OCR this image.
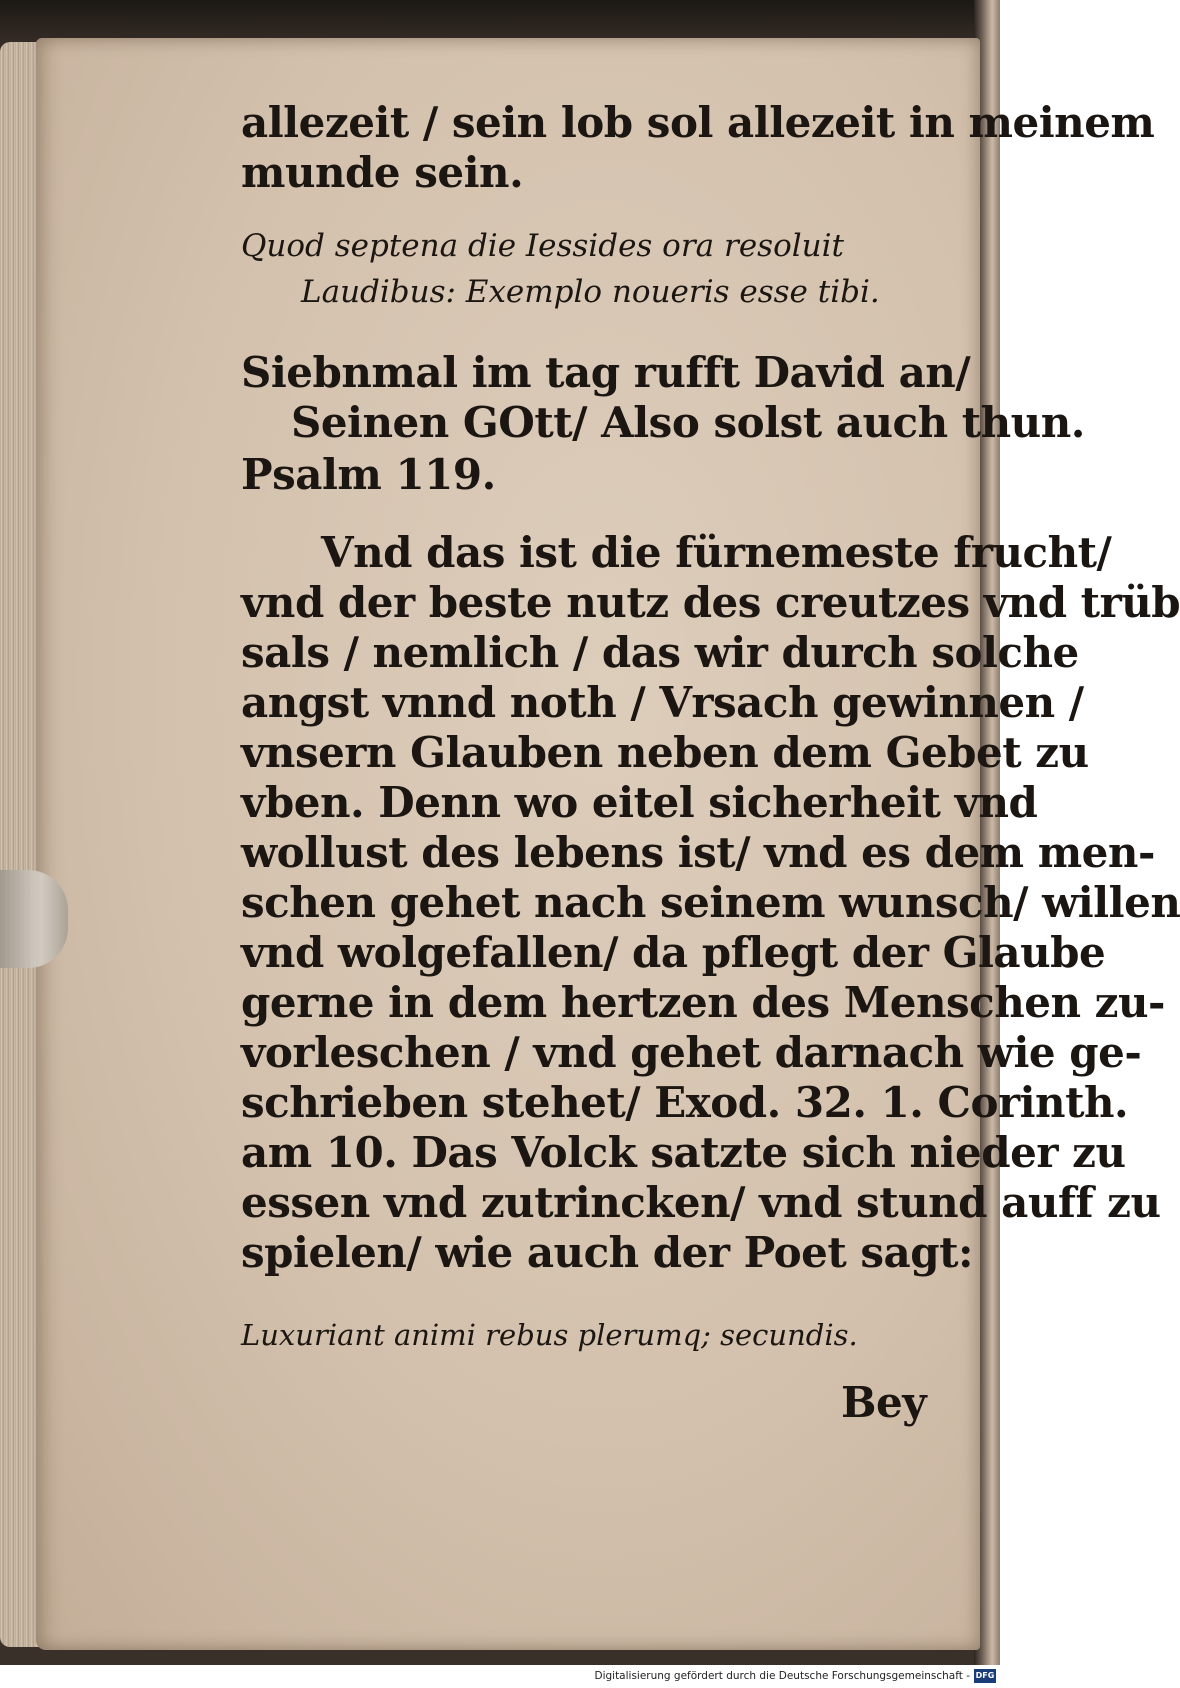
allezeit / sein lob sol allezeit in meinem
munde sein.
Quod septena die Iessides ora resoluit
Laudibus: Exemplo noueris esse tibi.
Siebnmal im tag rufft David an/
Seinen GOtt/ Also solst auch thun.
Psalm 119.
Vnd das ist die fürnemeste frucht/
vnd der beste nutz des creutzes vnd trüb
sals / nemlich / das wir durch solche
angst vnnd noth / Vrsach gewinnen /
vnsern Glauben neben dem Gebet zu
vben. Denn wo eitel sicherheit vnd
wollust des lebens ist/ vnd es dem men-
schen gehet nach seinem wunsch/ willen
vnd wolgefallen/ da pflegt der Glaube
gerne in dem hertzen des Menschen zu-
vorleschen / vnd gehet darnach wie ge-
schrieben stehet/ Exod. 32. 1. Corinth.
am 10. Das Volck satzte sich nieder zu
essen vnd zutrincken/ vnd stund auff zu
spielen/ wie auch der Poet sagt:
Luxuriant animi rebus plerumq; secundis.
Bey
Digitalisierung gefördert durch die Deutsche Forschungsgemeinschaft - DFG
